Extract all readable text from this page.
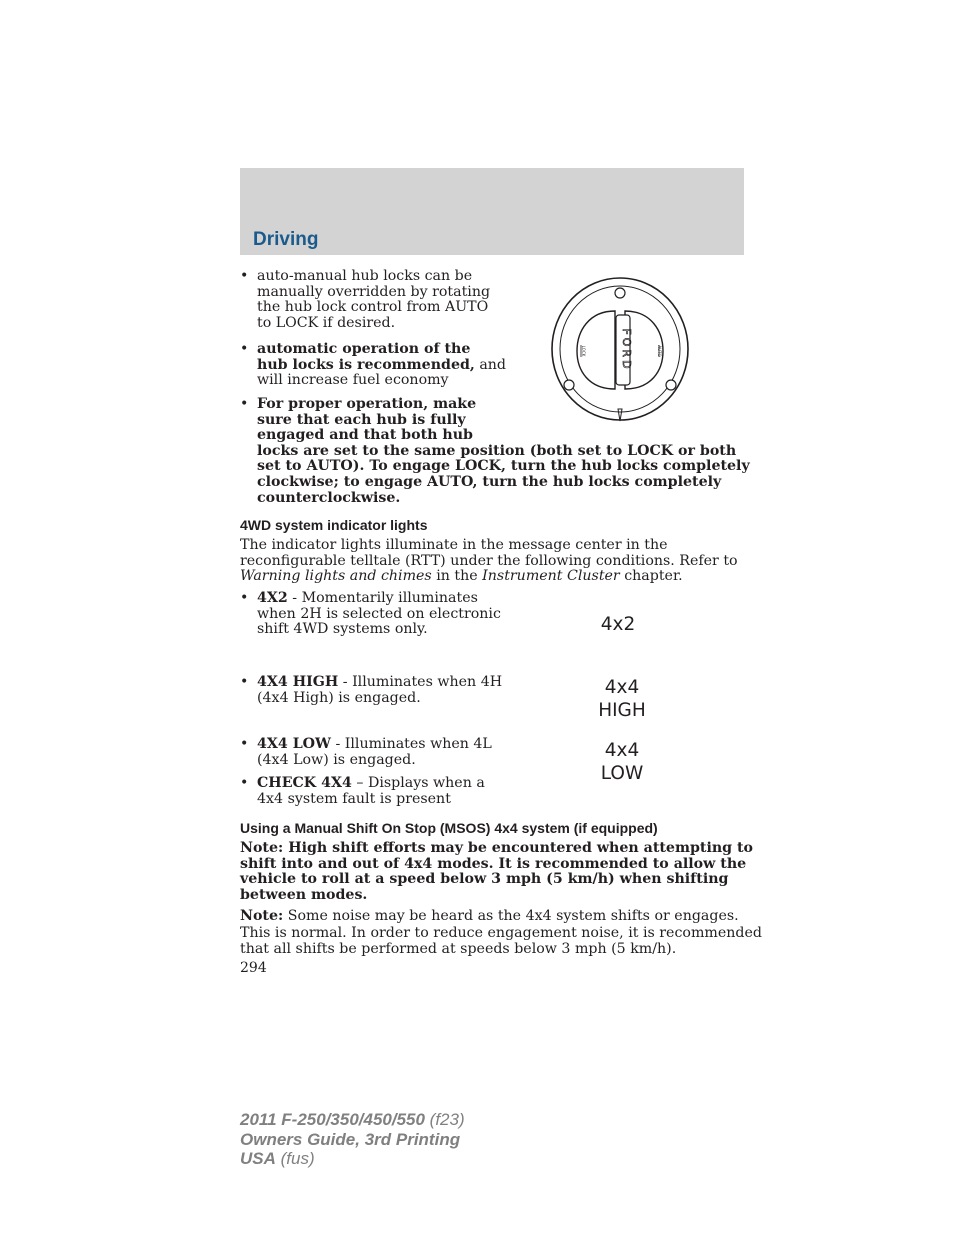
Driving
• auto-manual hub locks can be
manually overridden by rotating
the hub lock control from AUTO
to LOCK if desired.
• automatic operation of the
hub locks is recommended, and
will increase fuel economy
• For proper operation, make
sure that each hub is fully
engaged and that both hub
locks are set to the same position (both set to LOCK or both
set to AUTO). To engage LOCK, turn the hub locks completely
clockwise; to engage AUTO, turn the hub locks completely
counterclockwise.
LOCK	AUTO
FORD
4WD system indicator lights
The indicator lights illuminate in the message center in the
reconfigurable telltale (RTT) under the following conditions. Refer to
Warning lights and chimes in the Instrument Cluster chapter.
• 4X2 - Momentarily illuminates
when 2H is selected on electronic
shift 4WD systems only.
• 4X4 HIGH - Illuminates when 4H
(4x4 High) is engaged.
• 4X4 LOW - Illuminates when 4L
(4x4 Low) is engaged.
• CHECK 4X4 – Displays when a
4x4 system fault is present
4x2
4x4
HIGH
4x4
LOW
Using a Manual Shift On Stop (MSOS) 4x4 system (if equipped)
Note: High shift efforts may be encountered when attempting to
shift into and out of 4x4 modes. It is recommended to allow the
vehicle to roll at a speed below 3 mph (5 km/h) when shifting
between modes.
Note: Some noise may be heard as the 4x4 system shifts or engages.
This is normal. In order to reduce engagement noise, it is recommended
that all shifts be performed at speeds below 3 mph (5 km/h).
294
2011 F-250/350/450/550 (f23)
Owners Guide, 3rd Printing
USA (fus)
